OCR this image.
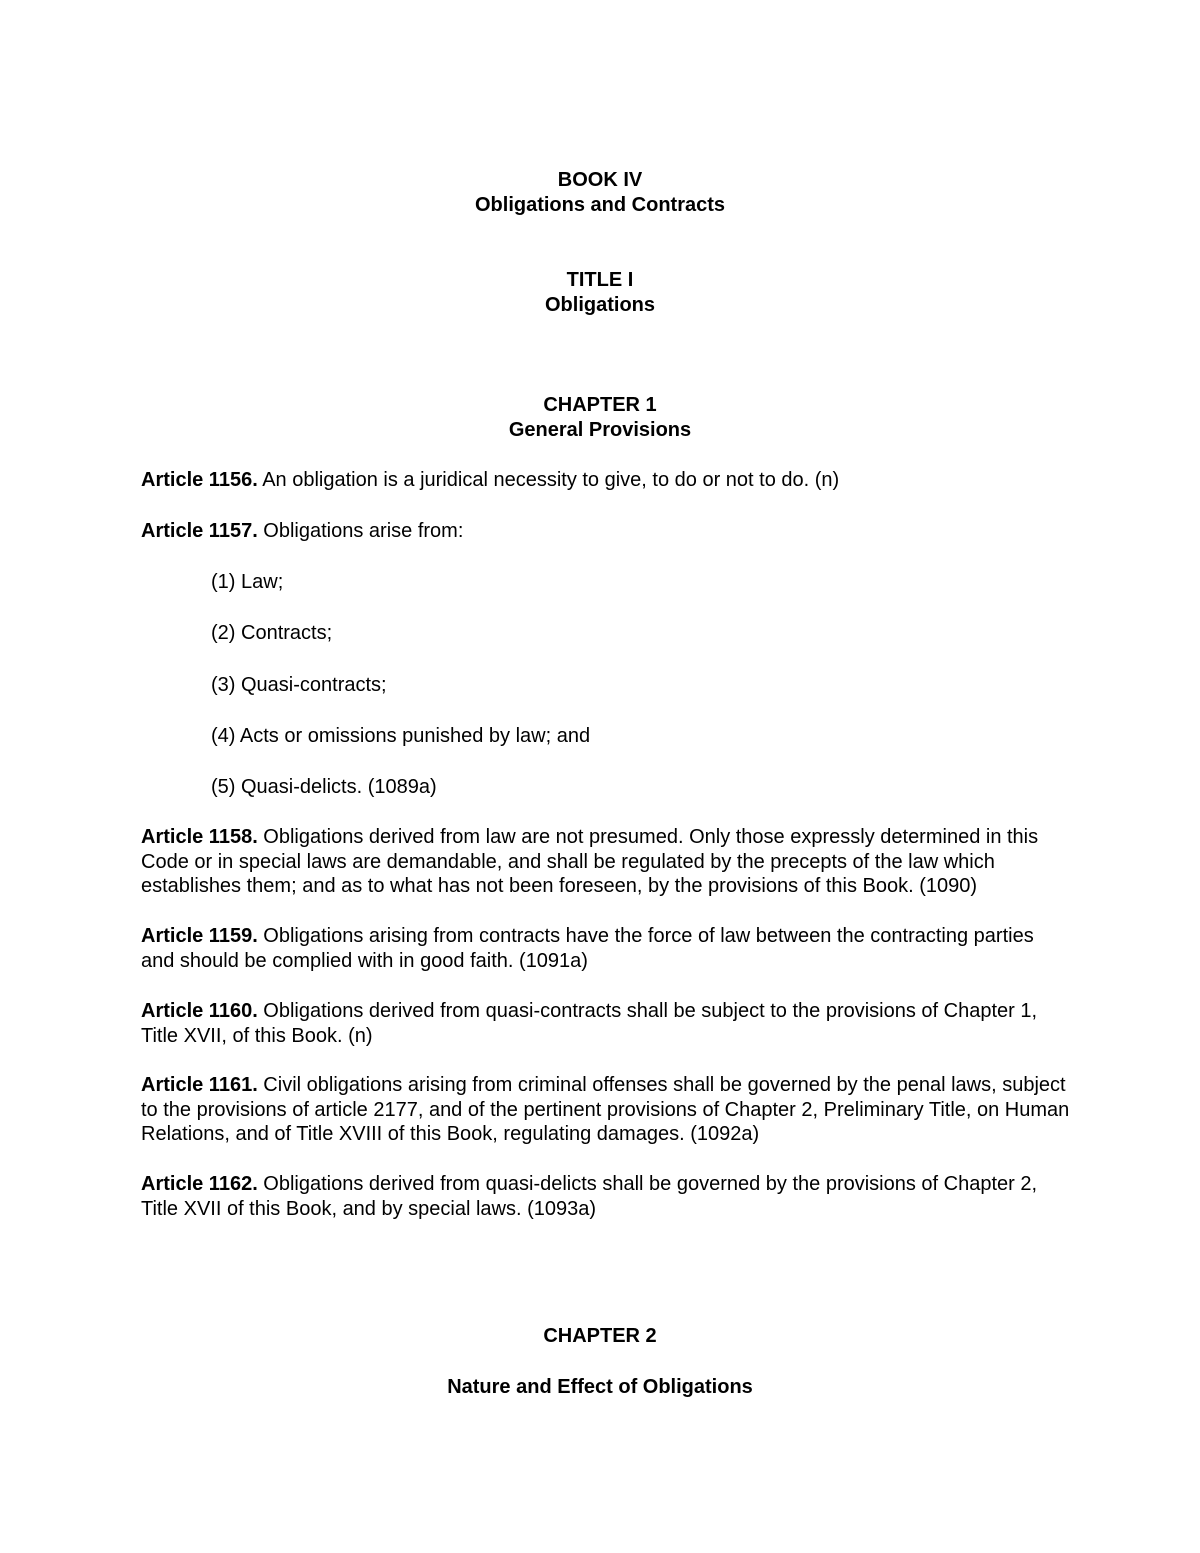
BOOK IV
Obligations and Contracts
TITLE I
Obligations
CHAPTER 1
General Provisions

Article 1156. An obligation is a juridical necessity to give, to do or not to do. (n)

Article 1157. Obligations arise from:

(1) Law;

(2) Contracts;

(3) Quasi-contracts;

(4) Acts or omissions punished by law; and

(5) Quasi-delicts. (1089a)

Article 1158. Obligations derived from law are not presumed. Only those expressly determined in this Code or in special laws are demandable, and shall be regulated by the precepts of the law which establishes them; and as to what has not been foreseen, by the provisions of this Book. (1090)

Article 1159. Obligations arising from contracts have the force of law between the contracting parties and should be complied with in good faith. (1091a)

Article 1160. Obligations derived from quasi-contracts shall be subject to the provisions of Chapter 1, Title XVII, of this Book. (n)

Article 1161. Civil obligations arising from criminal offenses shall be governed by the penal laws, subject to the provisions of article 2177, and of the pertinent provisions of Chapter 2, Preliminary Title, on Human Relations, and of Title XVIII of this Book, regulating damages. (1092a)

Article 1162. Obligations derived from quasi-delicts shall be governed by the provisions of Chapter 2, Title XVII of this Book, and by special laws. (1093a)

CHAPTER 2
Nature and Effect of Obligations
